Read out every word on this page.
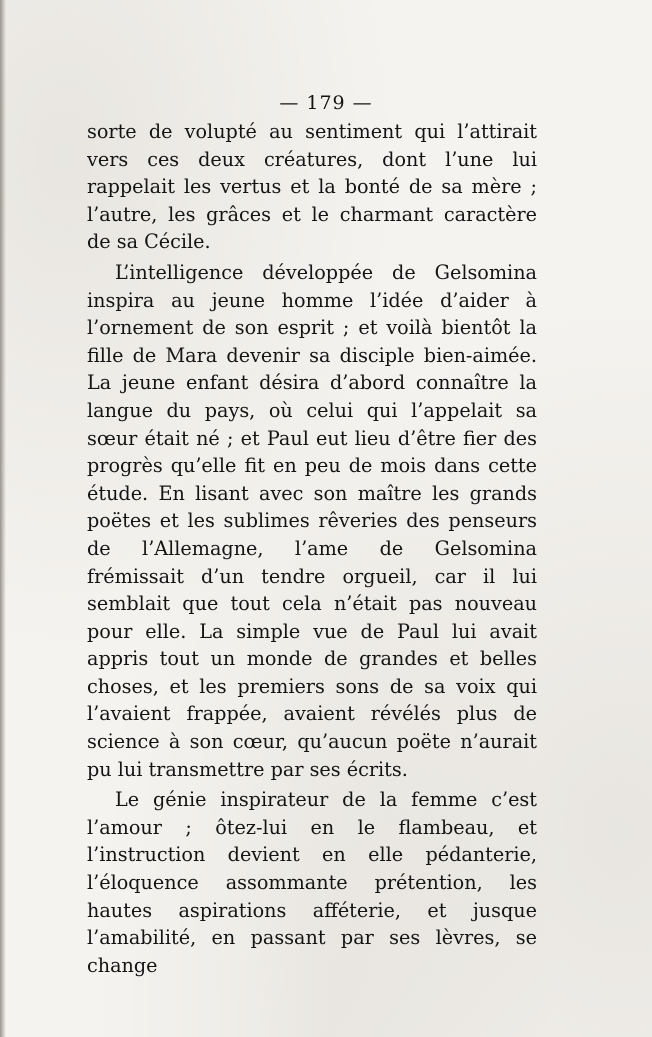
— 179 —

sorte de volupté au sentiment qui l’attirait vers ces deux créatures, dont l’une lui rappelait les vertus et la bonté de sa mère ; l’autre, les grâces et le charmant caractère de sa Cécile.

L’intelligence développée de Gelsomina inspira au jeune homme l’idée d’aider à l’ornement de son esprit ; et voilà bientôt la fille de Mara devenir sa disciple bien-aimée. La jeune enfant désira d’abord connaître la langue du pays, où celui qui l’appelait sa sœur était né ; et Paul eut lieu d’être fier des progrès qu’elle fit en peu de mois dans cette étude. En lisant avec son maître les grands poëtes et les sublimes rêveries des penseurs de l’Allemagne, l’ame de Gelsomina frémissait d’un tendre orgueil, car il lui semblait que tout cela n’était pas nouveau pour elle. La simple vue de Paul lui avait appris tout un monde de grandes et belles choses, et les premiers sons de sa voix qui l’avaient frappée, avaient révélés plus de science à son cœur, qu’aucun poëte n’aurait pu lui transmettre par ses écrits.

Le génie inspirateur de la femme c’est l’amour ; ôtez-lui en le flambeau, et l’instruction devient en elle pédanterie, l’éloquence assommante prétention, les hautes aspirations afféterie, et jusque l’amabilité, en passant par ses lèvres, se change
